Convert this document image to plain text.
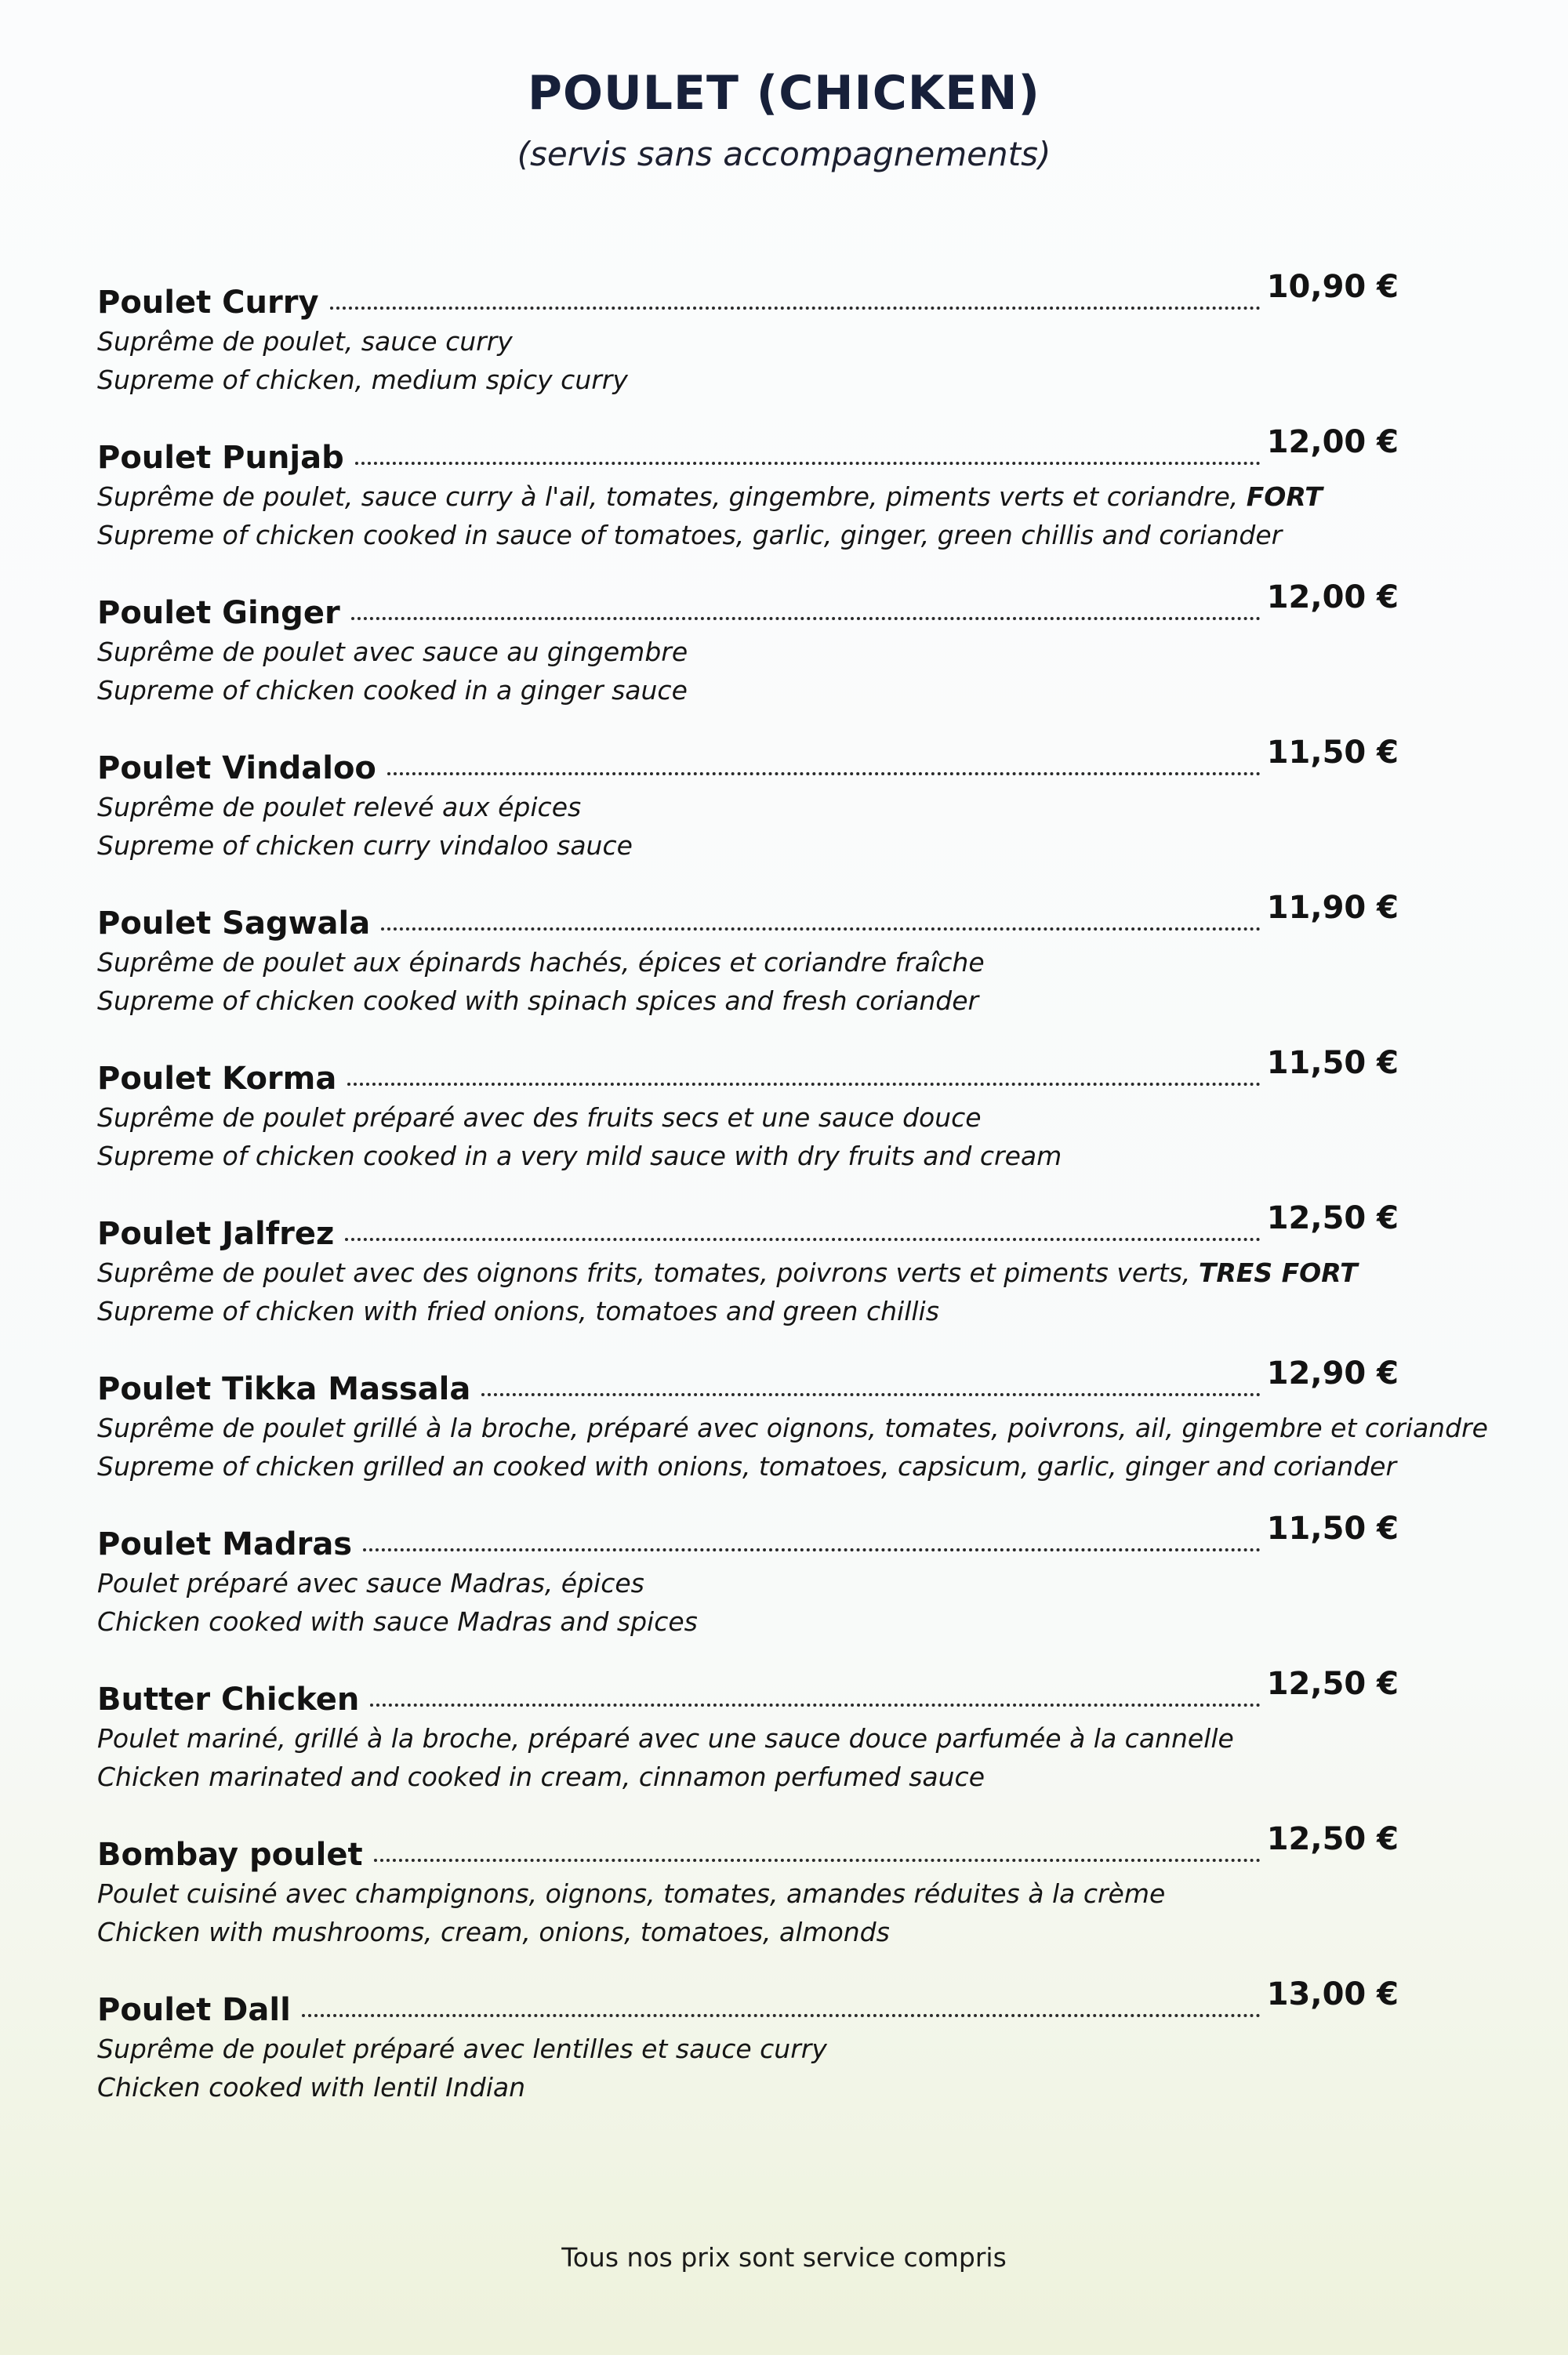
POULET (CHICKEN)
(servis sans accompagnements)
Poulet Curry	10,90 €
Suprême de poulet, sauce curry
Supreme of chicken, medium spicy curry
Poulet Punjab	12,00 €
Suprême de poulet, sauce curry à l'ail, tomates, gingembre, piments verts et coriandre, FORT
Supreme of chicken cooked in sauce of tomatoes, garlic, ginger, green chillis and coriander
Poulet Ginger	12,00 €
Suprême de poulet avec sauce au gingembre
Supreme of chicken cooked in a ginger sauce
Poulet Vindaloo	11,50 €
Suprême de poulet relevé aux épices
Supreme of chicken curry vindaloo sauce
Poulet Sagwala	11,90 €
Suprême de poulet aux épinards hachés, épices et coriandre fraîche
Supreme of chicken cooked with spinach spices and fresh coriander
Poulet Korma	11,50 €
Suprême de poulet préparé avec des fruits secs et une sauce douce
Supreme of chicken cooked in a very mild sauce with dry fruits and cream
Poulet Jalfrez	12,50 €
Suprême de poulet avec des oignons frits, tomates, poivrons verts et piments verts, TRES FORT
Supreme of chicken with fried onions, tomatoes and green chillis
Poulet Tikka Massala	12,90 €
Suprême de poulet grillé à la broche, préparé avec oignons, tomates, poivrons, ail, gingembre et coriandre
Supreme of chicken grilled an cooked with onions, tomatoes, capsicum, garlic, ginger and coriander
Poulet Madras	11,50 €
Poulet préparé avec sauce Madras, épices
Chicken cooked with sauce Madras and spices
Butter Chicken	12,50 €
Poulet mariné, grillé à la broche, préparé avec une sauce douce parfumée à la cannelle
Chicken marinated and cooked in cream, cinnamon perfumed sauce
Bombay poulet	12,50 €
Poulet cuisiné avec champignons, oignons, tomates, amandes réduites à la crème
Chicken with mushrooms, cream, onions, tomatoes, almonds
Poulet Dall	13,00 €
Suprême de poulet préparé avec lentilles et sauce curry
Chicken cooked with lentil Indian
Tous nos prix sont service compris
